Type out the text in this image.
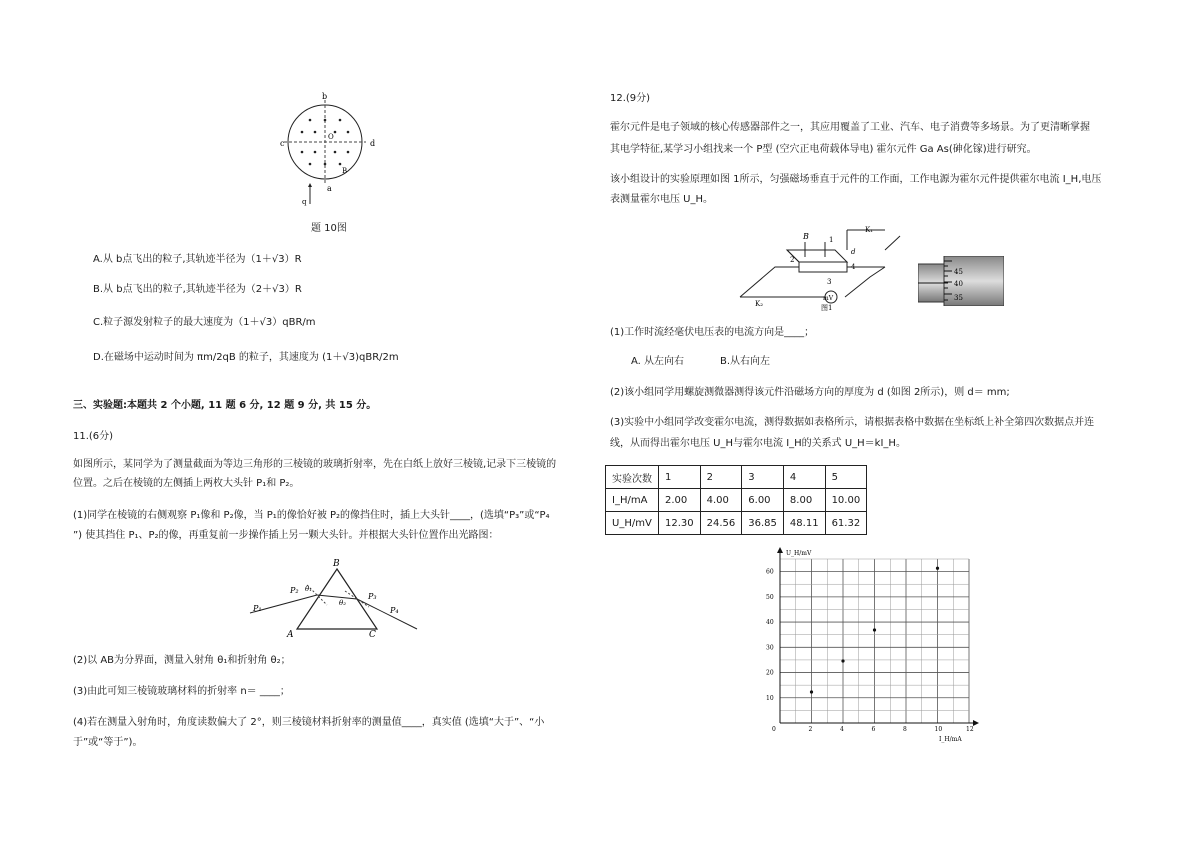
b
c	d
a
O
B
q
题 10图
A.从 b点飞出的粒子,其轨迹半径为（1＋√3）R
B.从 b点飞出的粒子,其轨迹半径为（2＋√3）R
C.粒子源发射粒子的最大速度为（1＋√3）qBR/m
D.在磁场中运动时间为 πm/2qB 的粒子，其速度为 (1＋√3)qBR/2m
三、实验题:本题共 2 个小题, 11 题 6 分, 12 题 9 分, 共 15 分。
11.(6分)
如图所示，某同学为了测量截面为等边三角形的三棱镜的玻璃折射率，先在白纸上放好三棱镜,记录下三棱镜的
位置。之后在棱镜的左侧插上两枚大头针 P₁和 P₂。
(1)同学在棱镜的右侧观察 P₁像和 P₂像，当 P₁的像恰好被 P₂的像挡住时，插上大头针____，(选填“P₃”或“P₄
”) 使其挡住 P₁、P₂的像，再重复前一步操作插上另一颗大头针。并根据大头针位置作出光路图：
B
A	C
P₁
P₂
P₃
P₄
θ₁
θ₂
(2)以 AB为分界面，测量入射角 θ₁和折射角 θ₂；
(3)由此可知三棱镜玻璃材料的折射率 n＝ ____；
(4)若在测量入射角时，角度读数偏大了 2°，则三棱镜材料折射率的测量值____，真实值 (选填“大于”、“小
于”或“等于”)。
12.(9分)
霍尔元件是电子领域的核心传感器部件之一，其应用覆盖了工业、汽车、电子消费等多场景。为了更清晰掌握
其电学特征,某学习小组找来一个 P型 (空穴正电荷载体导电) 霍尔元件 Ga As(砷化镓)进行研究。
该小组设计的实验原理如图 1所示，匀强磁场垂直于元件的工作面，工作电源为霍尔元件提供霍尔电流 I_H,电压
表测量霍尔电压 U_H。
mV
B
K₁
K₂
1
2
3
4
d
图1
45
40
35
(1)工作时流经毫伏电压表的电流方向是____；
A. 从左向右	B.从右向左
(2)该小组同学用螺旋测微器测得该元件沿磁场方向的厚度为 d (如图 2所示)，则 d＝ mm;
(3)实验中小组同学改变霍尔电流，测得数据如表格所示，请根据表格中数据在坐标纸上补全第四次数据点并连
线，从而得出霍尔电压 U_H与霍尔电流 I_H的关系式 U_H＝kI_H。
实验次数	1	2	3	4	5
I_H/mA	2.00	4.00	6.00	8.00	10.00
U_H/mV	12.30	24.56	36.85	48.11	61.32
U_H/mV
I_H/mA
0
60
50
40
30
20
10
2	4	6	8	10	12
